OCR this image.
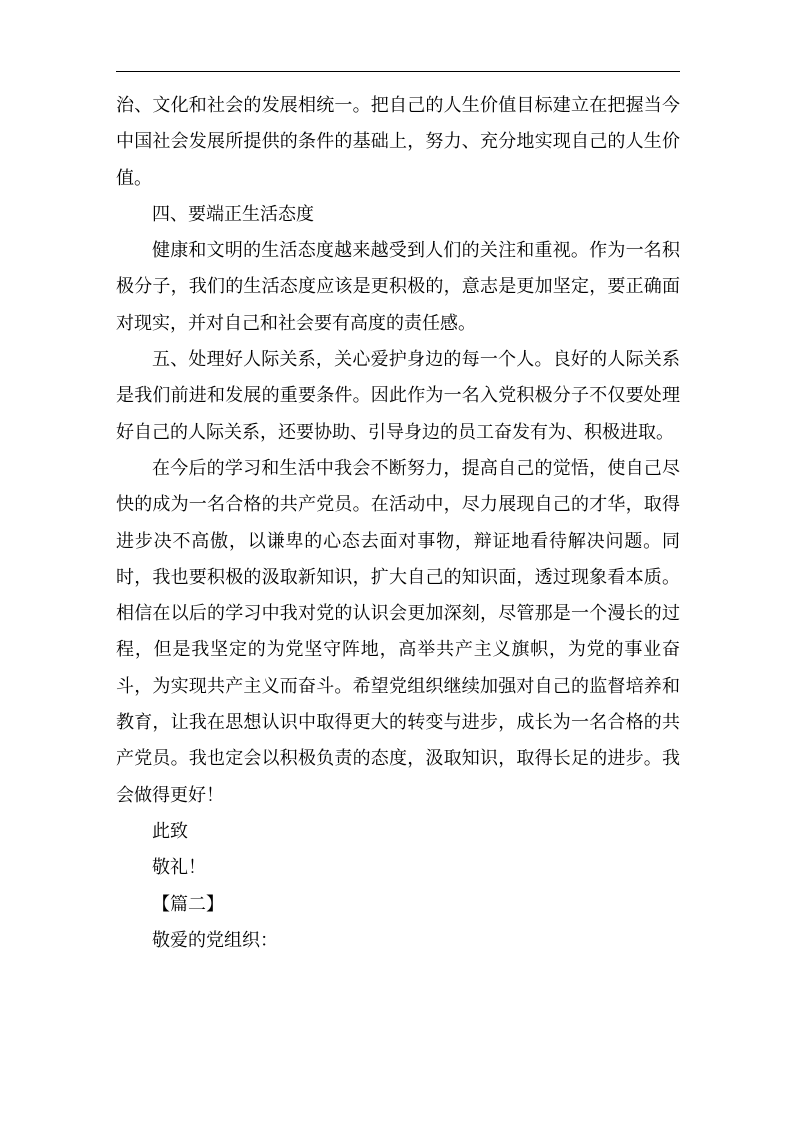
治、文化和社会的发展相统一。把自己的人生价值目标建立在把握当今中国社会发展所提供的条件的基础上，努力、充分地实现自己的人生价值。

四、要端正生活态度

健康和文明的生活态度越来越受到人们的关注和重视。作为一名积极分子，我们的生活态度应该是更积极的，意志是更加坚定，要正确面对现实，并对自己和社会要有高度的责任感。

五、处理好人际关系，关心爱护身边的每一个人。良好的人际关系是我们前进和发展的重要条件。因此作为一名入党积极分子不仅要处理好自己的人际关系，还要协助、引导身边的员工奋发有为、积极进取。

在今后的学习和生活中我会不断努力，提高自己的觉悟，使自己尽快的成为一名合格的共产党员。在活动中，尽力展现自己的才华，取得进步决不高傲，以谦卑的心态去面对事物，辩证地看待解决问题。同时，我也要积极的汲取新知识，扩大自己的知识面，透过现象看本质。相信在以后的学习中我对党的认识会更加深刻，尽管那是一个漫长的过程，但是我坚定的为党坚守阵地，高举共产主义旗帜，为党的事业奋斗，为实现共产主义而奋斗。希望党组织继续加强对自己的监督培养和教育，让我在思想认识中取得更大的转变与进步，成长为一名合格的共产党员。我也定会以积极负责的态度，汲取知识，取得长足的进步。我会做得更好！

此致

敬礼！

【篇二】

敬爱的党组织：
